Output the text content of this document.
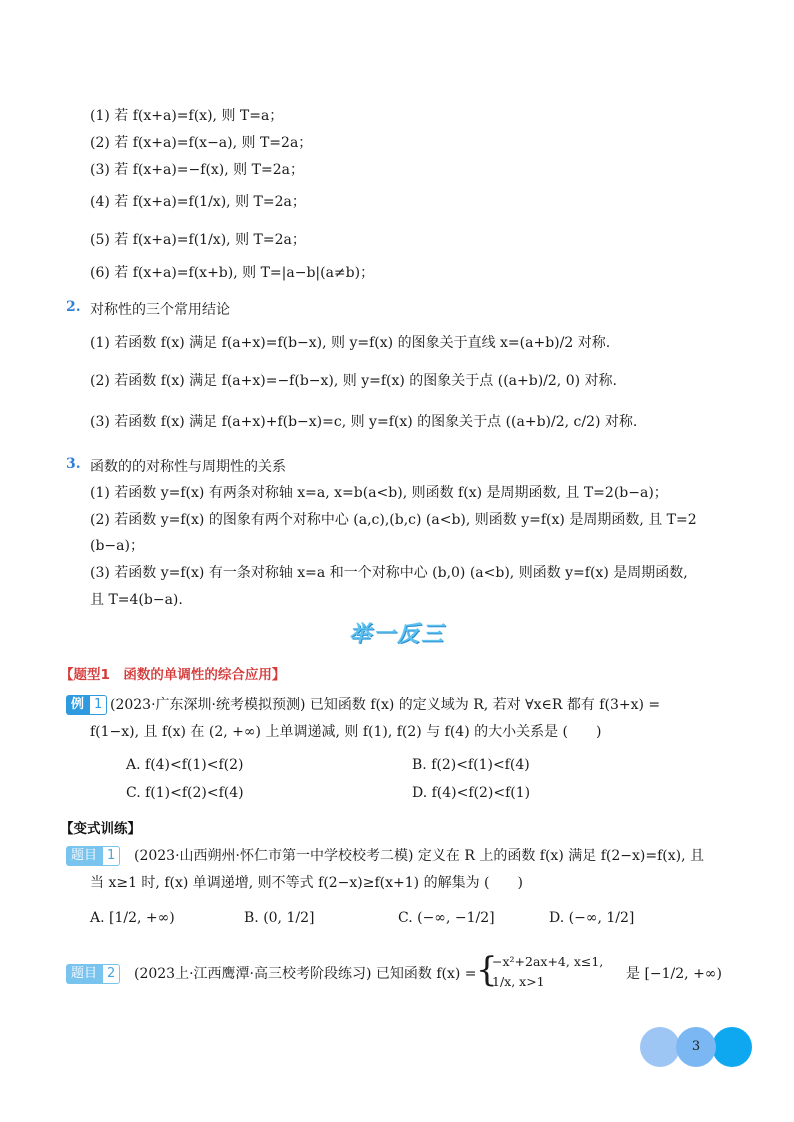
(1) 若 f(x+a)=f(x), 则 T=a；
(2) 若 f(x+a)=f(x−a), 则 T=2a；
(3) 若 f(x+a)=−f(x), 则 T=2a；
(4) 若 f(x+a)=f(1/x), 则 T=2a；
(5) 若 f(x+a)=f(1/x), 则 T=2a；
(6) 若 f(x+a)=f(x+b), 则 T=|a−b|(a≠b)；
2. 对称性的三个常用结论
(1) 若函数 f(x) 满足 f(a+x)=f(b−x), 则 y=f(x) 的图象关于直线 x=(a+b)/2 对称.
(2) 若函数 f(x) 满足 f(a+x)=−f(b−x), 则 y=f(x) 的图象关于点 ((a+b)/2, 0) 对称.
(3) 若函数 f(x) 满足 f(a+x)+f(b−x)=c, 则 y=f(x) 的图象关于点 ((a+b)/2, c/2) 对称.
3. 函数的的对称性与周期性的关系
(1) 若函数 y=f(x) 有两条对称轴 x=a, x=b(a<b), 则函数 f(x) 是周期函数, 且 T=2(b−a)；
(2) 若函数 y=f(x) 的图象有两个对称中心 (a,c),(b,c) (a<b), 则函数 y=f(x) 是周期函数, 且 T=2
(b−a)；
(3) 若函数 y=f(x) 有一条对称轴 x=a 和一个对称中心 (b,0) (a<b), 则函数 y=f(x) 是周期函数,
且 T=4(b−a).
举一反三
【题型1　函数的单调性的综合应用】
例 1 (2023·广东深圳·统考模拟预测) 已知函数 f(x) 的定义域为 R, 若对 ∀x∈R 都有 f(3+x) =
f(1−x), 且 f(x) 在 (2, +∞) 上单调递减, 则 f(1), f(2) 与 f(4) 的大小关系是 (　　)
A. f(4)<f(1)<f(2)	B. f(2)<f(1)<f(4)
C. f(1)<f(2)<f(4)	D. f(4)<f(2)<f(1)
【变式训练】
题目 1	(2023·山西朔州·怀仁市第一中学校校考二模) 定义在 R 上的函数 f(x) 满足 f(2−x)=f(x), 且
当 x≥1 时, f(x) 单调递增, 则不等式 f(2−x)≥f(x+1) 的解集为 (　　)
A. [1/2, +∞)	B. (0, 1/2]	C. (−∞, −1/2]	D. (−∞, 1/2]
题目 2	(2023上·江西鹰潭·高三校考阶段练习) 已知函数 f(x) = {
−x²+2ax+4, x≤1,
1/x, x>1	是 [−1/2, +∞)
3
